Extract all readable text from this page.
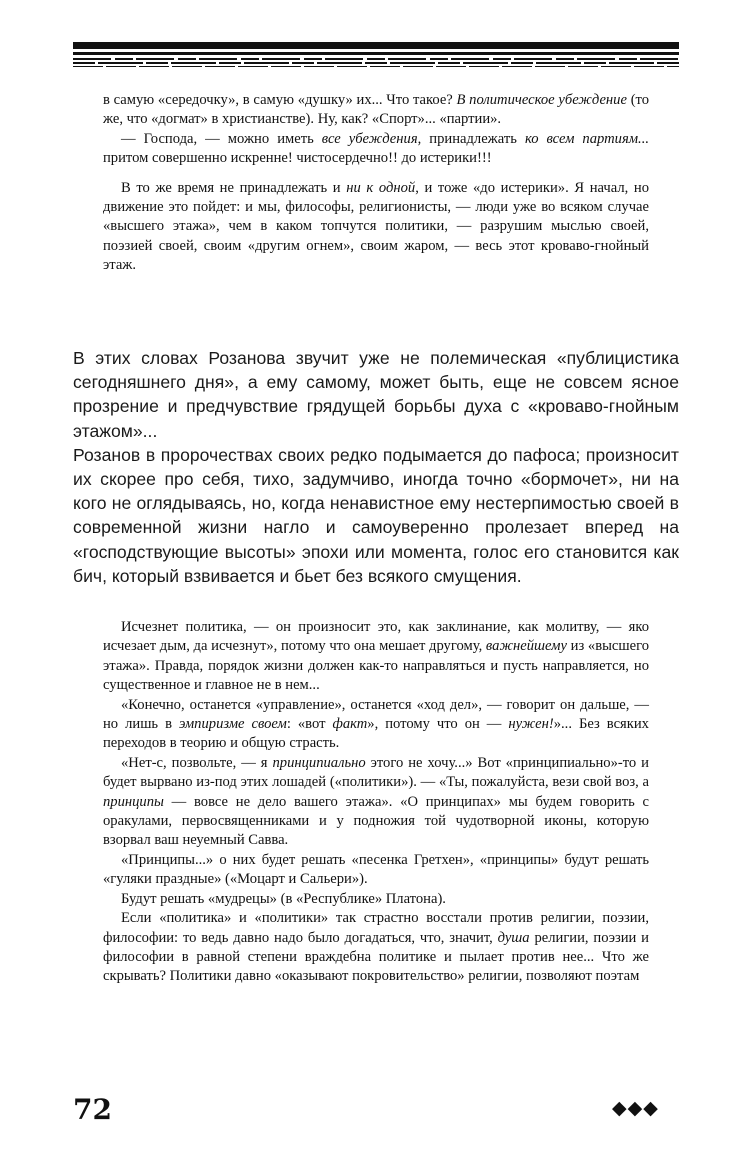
в самую «середочку», в самую «душку» их... Что такое? В политическое убеждение (то же, что «догмат» в христианстве). Ну, как? «Спорт»... «партии».

— Господа, — можно иметь все убеждения, принадлежать ко всем партиям... притом совершенно искренне! чистосердечно!! до истерики!!!

В то же время не принадлежать и ни к одной, и тоже «до истерики». Я начал, но движение это пойдет: и мы, философы, религионисты, — люди уже во всяком случае «высшего этажа», чем в каком топчутся политики, — разрушим мыслью своей, поэзией своей, своим «другим огнем», своим жаром, — весь этот кроваво-гнойный этаж.

В этих словах Розанова звучит уже не полемическая «публицистика сегодняшнего дня», а ему самому, может быть, еще не совсем ясное прозрение и предчувствие грядущей борьбы духа с «кроваво-гнойным этажом»...

Розанов в пророчествах своих редко подымается до пафоса; произносит их скорее про себя, тихо, задумчиво, иногда точно «бормочет», ни на кого не оглядываясь, но, когда ненавистное ему нестерпимостью своей в современной жизни нагло и самоуверенно пролезает вперед на «господствующие высоты» эпохи или момента, голос его становится как бич, который взвивается и бьет без всякого смущения.

Исчезнет политика, — он произносит это, как заклинание, как молитву, — яко исчезает дым, да исчезнут», потому что она мешает другому, важнейшему из «высшего этажа». Правда, порядок жизни должен как-то направляться и пусть направляется, но существенное и главное не в нем...

«Конечно, останется «управление», останется «ход дел», — говорит он дальше, — но лишь в эмпиризме своем: «вот факт», потому что он — нужен!»... Без всяких переходов в теорию и общую страсть.

«Нет-с, позвольте, — я принципиально этого не хочу...» Вот «принципиально»-то и будет вырвано из-под этих лошадей («политики»). — «Ты, пожалуйста, вези свой воз, а принципы — вовсе не дело вашего этажа». «О принципах» мы будем говорить с оракулами, первосвященниками и у подножия той чудотворной иконы, которую взорвал ваш неуемный Савва.

«Принципы...» о них будет решать «песенка Гретхен», «принципы» будут решать «гуляки праздные» («Моцарт и Сальери»).

Будут решать «мудрецы» (в «Республике» Платона).

Если «политика» и «политики» так страстно восстали против религии, поэзии, философии: то ведь давно надо было догадаться, что, значит, душа религии, поэзии и философии в равной степени враждебна политике и пылает против нее... Что же скрывать? Политики давно «оказывают покровительство» религии, позволяют поэтам

72	◆◆◆
